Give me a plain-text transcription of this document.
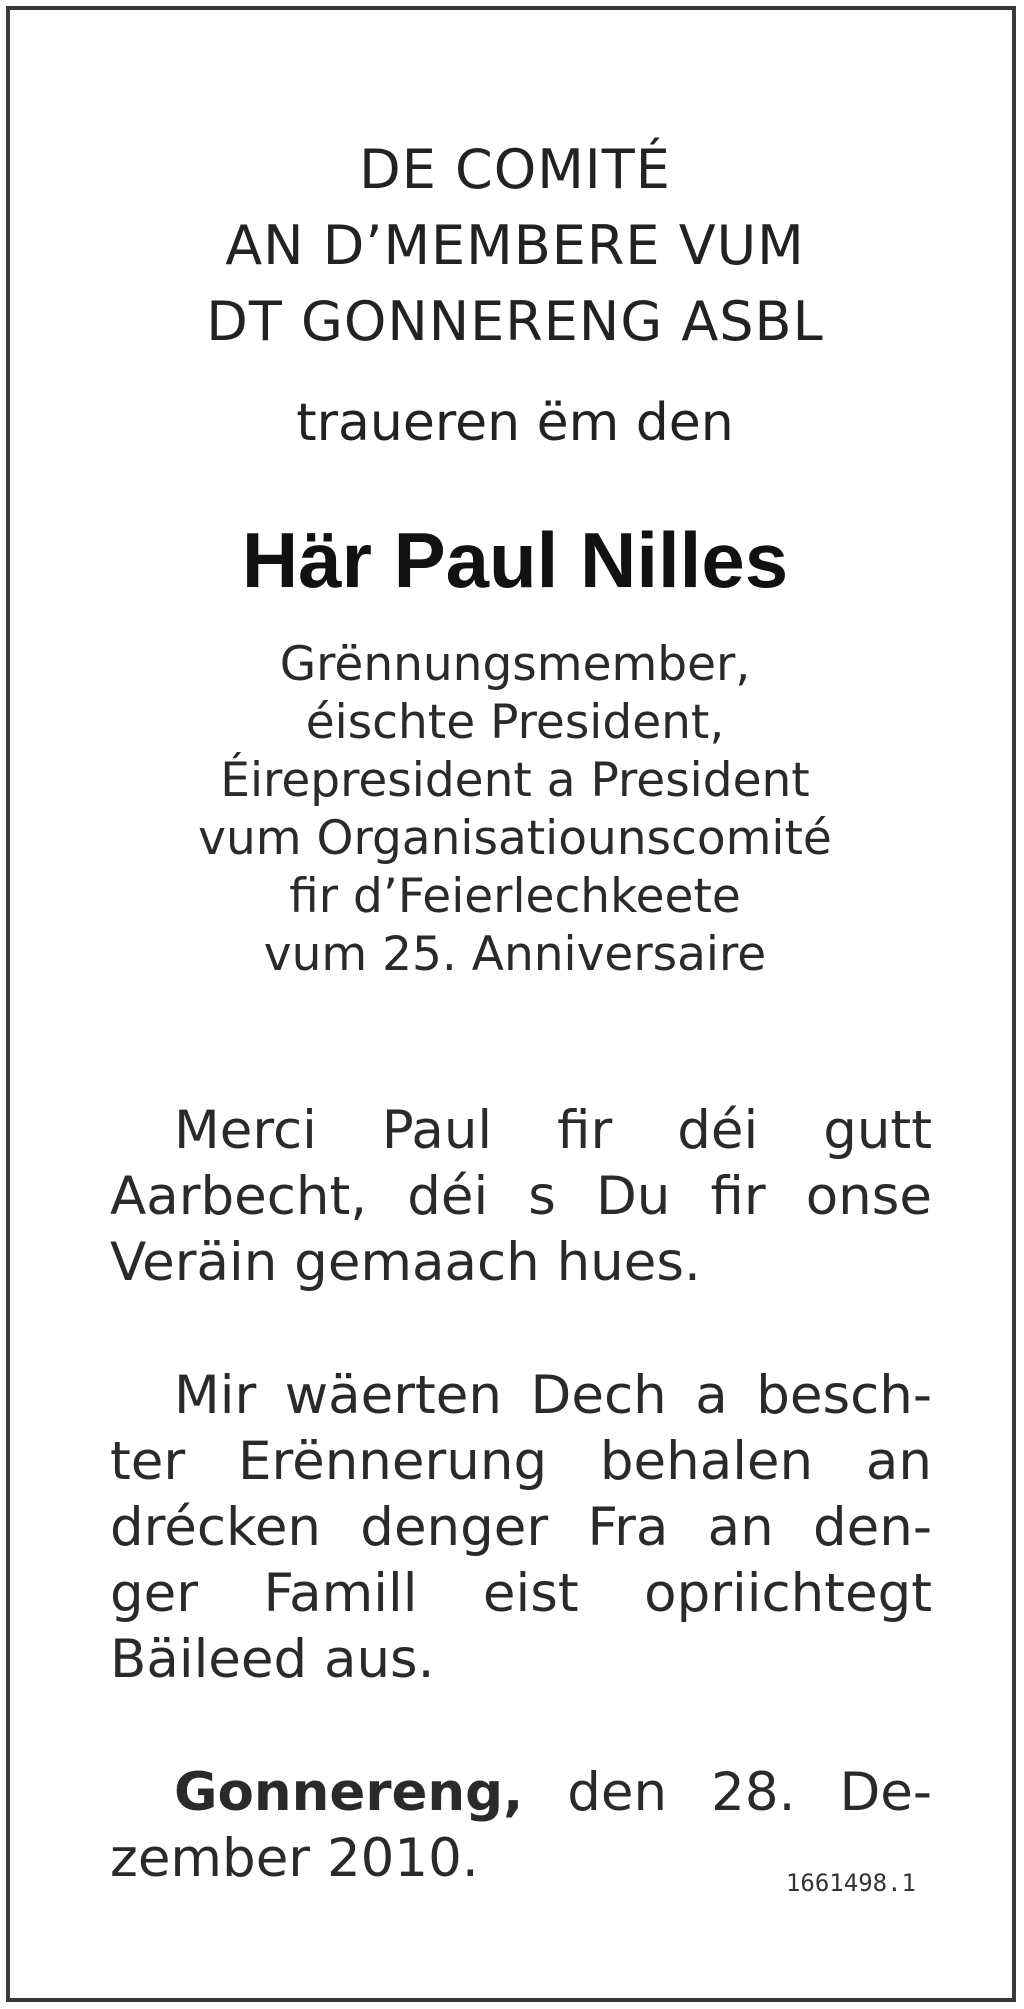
DE COMITÉ
AN D’MEMBERE VUM
DT GONNERENG ASBL
traueren ëm den
Här Paul Nilles
Grënnungsmember,
éischte President,
Éirepresident a President
vum Organisatiounscomité
fir d’Feierlechkeete
vum 25. Anniversaire
Merci Paul fir déi gutt
Aarbecht, déi s Du fir onse
Veräin gemaach hues.
Mir wäerten Dech a besch-
ter Erënnerung behalen an
drécken denger Fra an den-
ger Famill eist opriichtegt
Bäileed aus.
Gonnereng, den 28. De-
zember 2010.	1661498.1
